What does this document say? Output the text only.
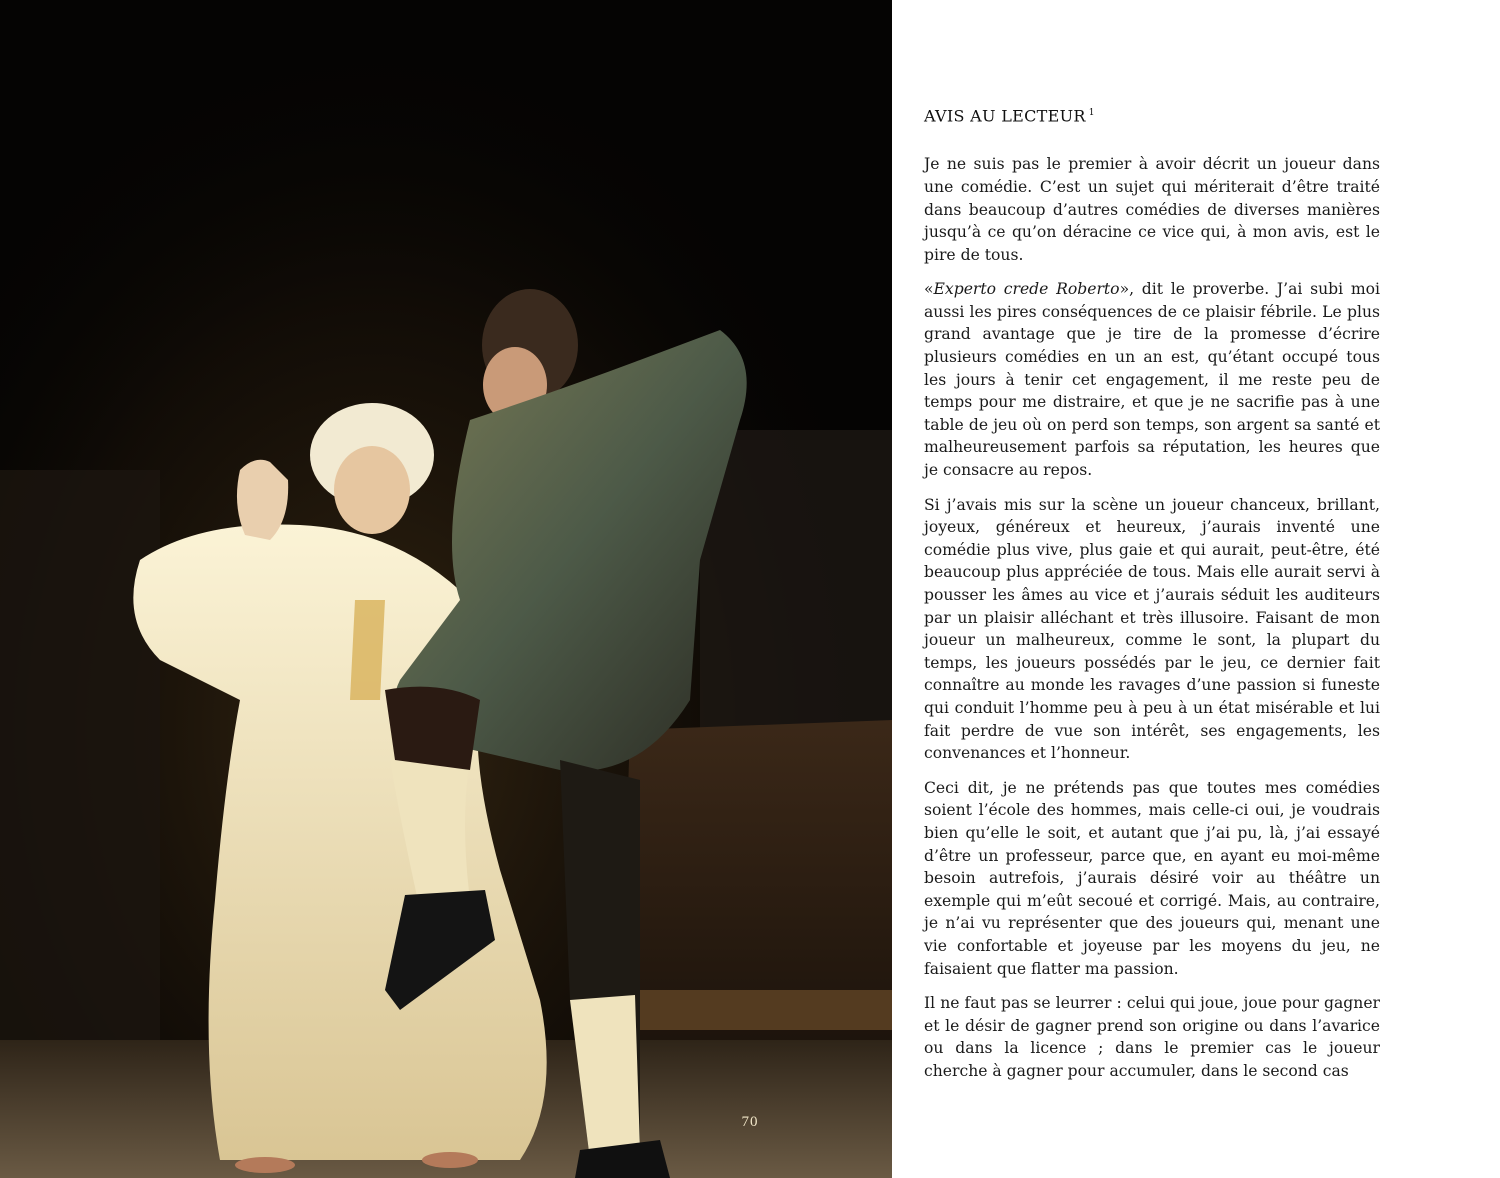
70
AVIS AU LECTEUR $^1$

Je ne suis pas le premier à avoir décrit un joueur dans une comédie. C’est un sujet qui mériterait d’être traité dans beaucoup d’autres comédies de diverses manières jusqu’à ce qu’on déracine ce vice qui, à mon avis, est le pire de tous.

«Experto crede Roberto», dit le proverbe. J’ai subi moi aussi les pires conséquences de ce plaisir fébrile. Le plus grand avantage que je tire de la promesse d’écrire plusieurs comédies en un an est, qu’étant occupé tous les jours à tenir cet engagement, il me reste peu de temps pour me distraire, et que je ne sacrifie pas à une table de jeu où on perd son temps, son argent sa santé et malheureusement parfois sa réputation, les heures que je consacre au repos.

Si j’avais mis sur la scène un joueur chanceux, brillant, joyeux, généreux et heureux, j’aurais inventé une comédie plus vive, plus gaie et qui aurait, peut-être, été beaucoup plus appréciée de tous. Mais elle aurait servi à pousser les âmes au vice et j’aurais séduit les auditeurs par un plaisir alléchant et très illusoire. Faisant de mon joueur un malheureux, comme le sont, la plupart du temps, les joueurs possédés par le jeu, ce dernier fait connaître au monde les ravages d’une passion si funeste qui conduit l’homme peu à peu à un état misérable et lui fait perdre de vue son intérêt, ses engagements, les convenances et l’honneur.

Ceci dit, je ne prétends pas que toutes mes comédies soient l’école des hommes, mais celle-ci oui, je voudrais bien qu’elle le soit, et autant que j’ai pu, là, j’ai essayé d’être un professeur, parce que, en ayant eu moi-même besoin autrefois, j’aurais désiré voir au théâtre un exemple qui m’eût secoué et corrigé. Mais, au contraire, je n’ai vu représenter que des joueurs qui, menant une vie confortable et joyeuse par les moyens du jeu, ne faisaient que flatter ma passion.

Il ne faut pas se leurrer : celui qui joue, joue pour gagner et le désir de gagner prend son origine ou dans l’avarice ou dans la licence ; dans le premier cas le joueur cherche à gagner pour accumuler, dans le second cas
